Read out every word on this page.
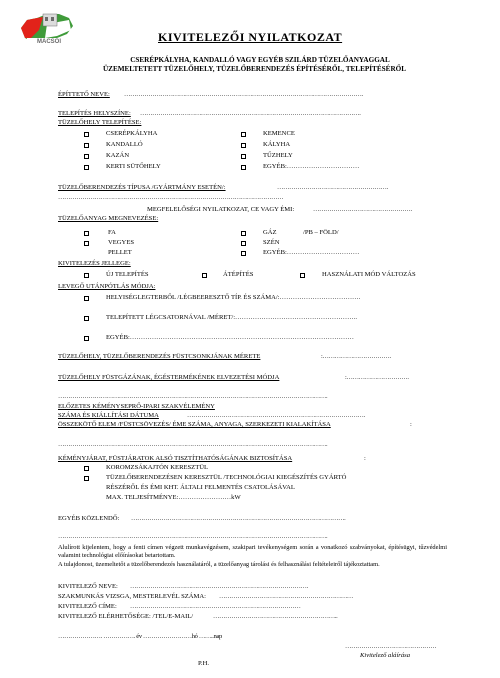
MACSOI	KIVITELEZŐI NYILATKOZAT
CSERÉPKÁLYHA, KANDALLÓ VAGY EGYÉB SZILÁRD TÜZELŐANYAGGAL
ÜZEMELTETETT TÜZELŐHELY, TÜZELŐBERENDEZÉS ÉPÍTÉSÉRŐL, TELEPÍTÉSÉRŐL
ÉPÍTTETŐ NEVE: ……………………………………………………………………………………………………….
TELEPÍTÉS HELYSZÍNE: ……………………………………………………………………………………………….
TÜZELŐHELY TELEPÍTÉSE:
CSERÉPKÁLYHA
KANDALLÓ
KAZÁN
KERTI SÜTŐHELY
KEMENCE
KÁLYHA
TŰZHELY
EGYÉB:……………………………
TÜZELŐBERENDEZÉS TÍPUSA /GYÁRTMÁNY ESETÉN/:	……………………………………………….
…………………………………………………………………………………………………
MEGFELELŐSÉGI NYILATKOZAT, CE VAGY ÉMI:	………………………………………….
TÜZELŐANYAG MEGNEVEZÉSE:
FA
VEGYES
PELLET
GÁZ	/PB – FÖLD/
SZÉN
EGYÉB:……………………………
KIVITELEZÉS JELLEGE:
ÚJ TELEPÍTÉS	ÁTÉPÍTÉS	HASZNÁLATI MÓD VÁLTOZÁS
LEVEGŐ UTÁNPÓTLÁS MÓDJA:
HELYISÉGLEGTERBŐL /LÉGBEERESZTŐ TÍP. ÉS SZÁMA/:……………………………….
TELEPÍTETT LÉGCSATORNÁVAL /MÉRET/:………………………………………………..
EGYÉB:…………………………………………………………………………………………
TÜZELŐHELY, TÜZELŐBERENDEZÉS FÜSTCSONKJÁNAK MÉRETE	:…………………………….
TÜZELŐHELY FÜSTGÁZÁNAK, ÉGÉSTERMÉKÉNEK ELVEZETÉSI MÓDJA	:………………………….
…………………………………………………………………………………………………………………….
ELŐZETES KÉMÉNYSEPRŐ-IPARI SZAKVÉLEMÉNY
SZÁMA ÉS KIÁLLÍTÁSI DÁTUMA	…………………………………………………………………………….
ÖSSZEKÖTŐ ELEM /FÜSTCSÖVEZÉS/ ÉME SZÁMA, ANYAGA, SZERKEZETI KIALAKÍTÁSA	:
…………………………………………………………………………………………………………………….
KÉMÉNYJÁRAT, FÜSTJÁRATOK ALSÓ TISZTÍTHATÓSÁGÁNAK BIZTOSÍTÁSA	:
KOROMZSÁKAJTÓN KERESZTÜL
TÜZELŐBERENDEZÉSEN KERESZTÜL /TECHNOLÓGIAI KIEGÉSZÍTÉS GYÁRTÓ
RÉSZÉRŐL ÉS ÉMI KHT. ÁLTALI FELMENTÉS CSATOLÁSÁVAL
MAX. TELJESÍTMÉNYE:……………………kW
EGYÉB KÖZLENDŐ: …………………………………………………………………………………………….
…………………………………………………………………………………………………………………….
Alulírott kijelentem, hogy a fenti címen végzett munkavégzésem, szakipari tevékenységem során a vonatkozó szabványokat, építésügyi, tűzvédelmi valamint technológiai előírásokat betartottam.
A tulajdonost, üzemeltetőt a tüzelőberendezés használatáról, a tüzelőanyag tárolási és felhasználási feltételeiről tájékoztattam.
KIVITELEZŐ NEVE: …………………………………………………………………………….
SZAKMUNKÁS VIZSGA, MESTERLEVÉL SZÁMA: …………………………………………………………
KIVITELEZŐ CÍME: …………………………………………………………………………
KIVITELEZŐ ELÉRHETŐSÉGE: /TEL/E-MAIL/	……………………………………………………..
…………………. ……………. év ……………………hó ……..nap
………………………………………
Kivitelező aláírása
P.H.
